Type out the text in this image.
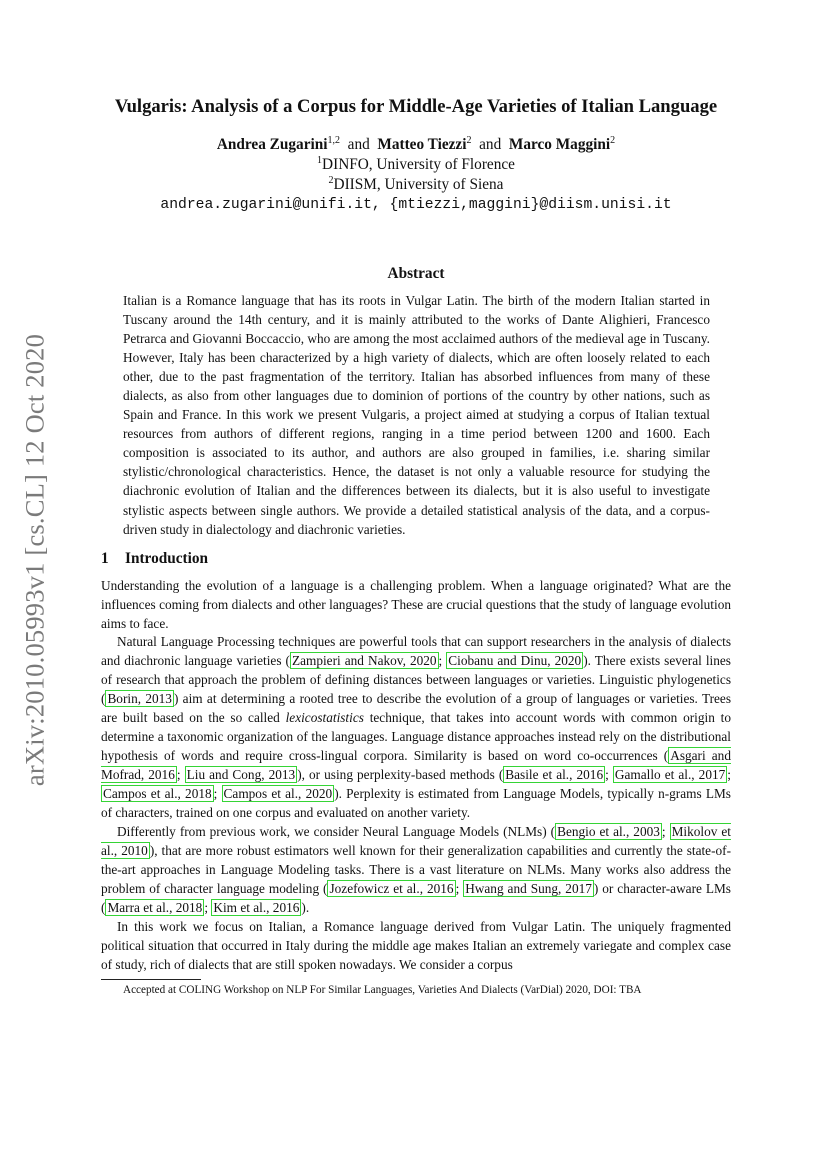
arXiv:2010.05993v1 [cs.CL] 12 Oct 2020
Vulgaris: Analysis of a Corpus for Middle-Age Varieties of Italian Language
Andrea Zugarini$^{1,2}$ and Matteo Tiezzi$^2$ and Marco Maggini$^2$
$^1$DINFO, University of Florence
$^2$DIISM, University of Siena
andrea.zugarini@unifi.it, {mtiezzi,maggini}@diism.unisi.it
Abstract
Italian is a Romance language that has its roots in Vulgar Latin. The birth of the modern Italian started in Tuscany around the 14th century, and it is mainly attributed to the works of Dante Alighieri, Francesco Petrarca and Giovanni Boccaccio, who are among the most acclaimed authors of the medieval age in Tuscany. However, Italy has been characterized by a high variety of dialects, which are often loosely related to each other, due to the past fragmentation of the territory. Italian has absorbed influences from many of these dialects, as also from other languages due to dominion of portions of the country by other nations, such as Spain and France. In this work we present Vulgaris, a project aimed at studying a corpus of Italian textual resources from authors of different regions, ranging in a time period between 1200 and 1600. Each composition is associated to its author, and authors are also grouped in families, i.e. sharing similar stylistic/chronological characteristics. Hence, the dataset is not only a valuable resource for studying the diachronic evolution of Italian and the differences between its dialects, but it is also useful to investigate stylistic aspects between single authors. We provide a detailed statistical analysis of the data, and a corpus-driven study in dialectology and diachronic varieties.
1 Introduction

Understanding the evolution of a language is a challenging problem. When a language originated? What are the influences coming from dialects and other languages? These are crucial questions that the study of language evolution aims to face.

Natural Language Processing techniques are powerful tools that can support researchers in the analysis of dialects and diachronic language varieties ( Zampieri and Nakov, 2020 ; Ciobanu and Dinu, 2020 ). There exists several lines of research that approach the problem of defining distances between languages or varieties. Linguistic phylogenetics ( Borin, 2013 ) aim at determining a rooted tree to describe the evolution of a group of languages or varieties. Trees are built based on the so called lexicostatistics technique, that takes into account words with common origin to determine a taxonomic organization of the languages. Language distance approaches instead rely on the distributional hypothesis of words and require cross-lingual corpora. Similarity is based on word co-occurrences ( Asgari and Mofrad, 2016 ; Liu and Cong, 2013 ), or using perplexity-based methods ( Basile et al., 2016 ; Gamallo et al., 2017 ; Campos et al., 2018 ; Campos et al., 2020 ). Perplexity is estimated from Language Models, typically n-grams LMs of characters, trained on one corpus and evaluated on another variety.

Differently from previous work, we consider Neural Language Models (NLMs) ( Bengio et al., 2003 ; Mikolov et al., 2010 ), that are more robust estimators well known for their generalization capabilities and currently the state-of-the-art approaches in Language Modeling tasks. There is a vast literature on NLMs. Many works also address the problem of character language modeling ( Jozefowicz et al., 2016 ; Hwang and Sung, 2017 ) or character-aware LMs ( Marra et al., 2018 ; Kim et al., 2016 ).

In this work we focus on Italian, a Romance language derived from Vulgar Latin. The uniquely fragmented political situation that occurred in Italy during the middle age makes Italian an extremely variegate and complex case of study, rich of dialects that are still spoken nowadays. We consider a corpus

Accepted at COLING Workshop on NLP For Similar Languages, Varieties And Dialects (VarDial) 2020, DOI: TBA
